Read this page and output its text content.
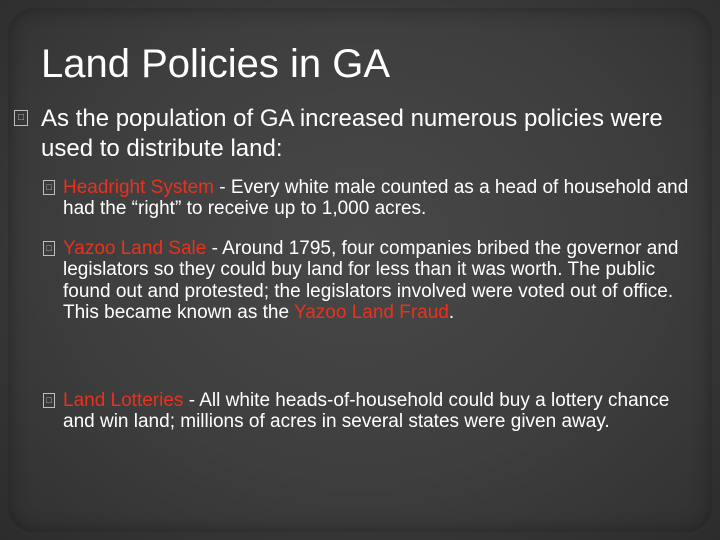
Land Policies in GA
□ As the population of GA increased numerous policies were used to distribute land:
□ Headright System - Every white male counted as a head of household and had the “right” to receive up to 1,000 acres.
□ Yazoo Land Sale - Around 1795, four companies bribed the governor and legislators so they could buy land for less than it was worth. The public found out and protested; the legislators involved were voted out of office. This became known as the Yazoo Land Fraud.
□ Land Lotteries - All white heads-of-household could buy a lottery chance and win land; millions of acres in several states were given away.
